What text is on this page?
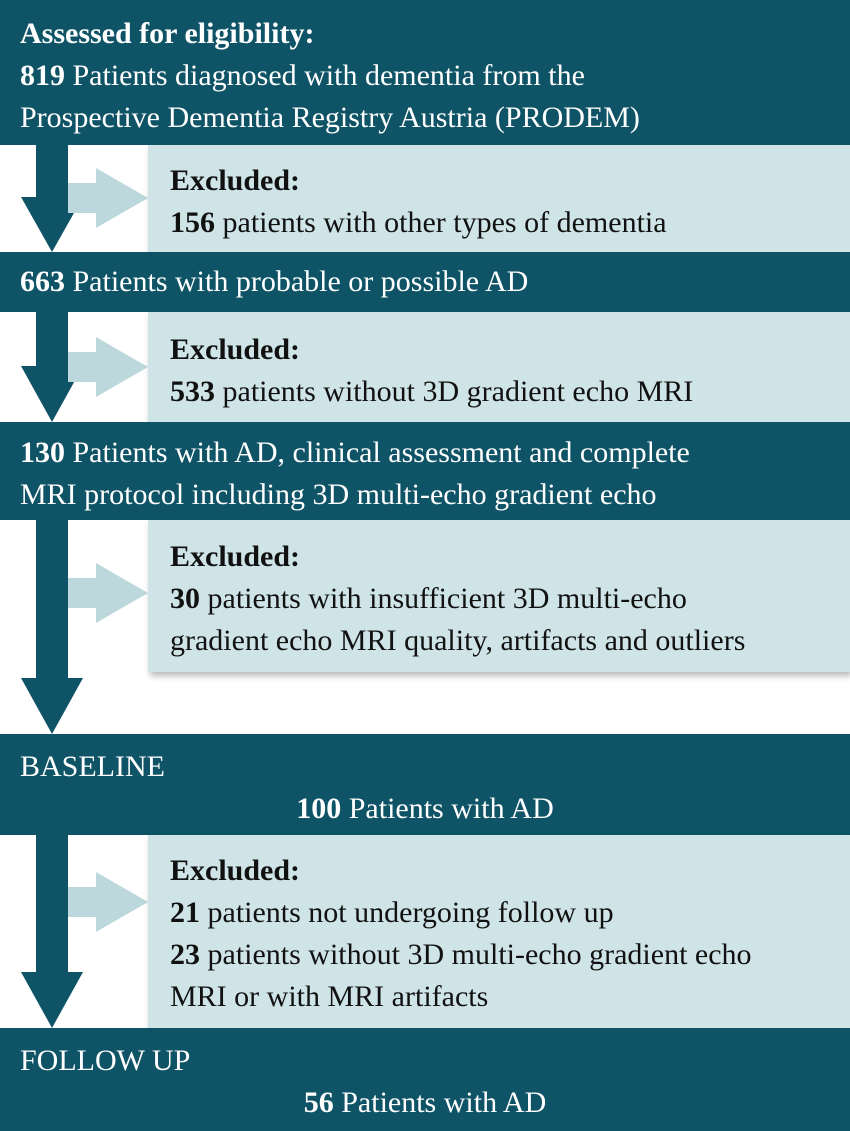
Assessed for eligibility:
819 Patients diagnosed with dementia from the
Prospective Dementia Registry Austria (PRODEM)
Excluded:
156 patients with other types of dementia
663 Patients with probable or possible AD
Excluded:
533 patients without 3D gradient echo MRI
130 Patients with AD, clinical assessment and complete
MRI protocol including 3D multi-echo gradient echo
Excluded:
30 patients with insufficient 3D multi-echo
gradient echo MRI quality, artifacts and outliers
BASELINE
100 Patients with AD
Excluded:
21 patients not undergoing follow up
23 patients without 3D multi-echo gradient echo
MRI or with MRI artifacts
FOLLOW UP
56 Patients with AD
